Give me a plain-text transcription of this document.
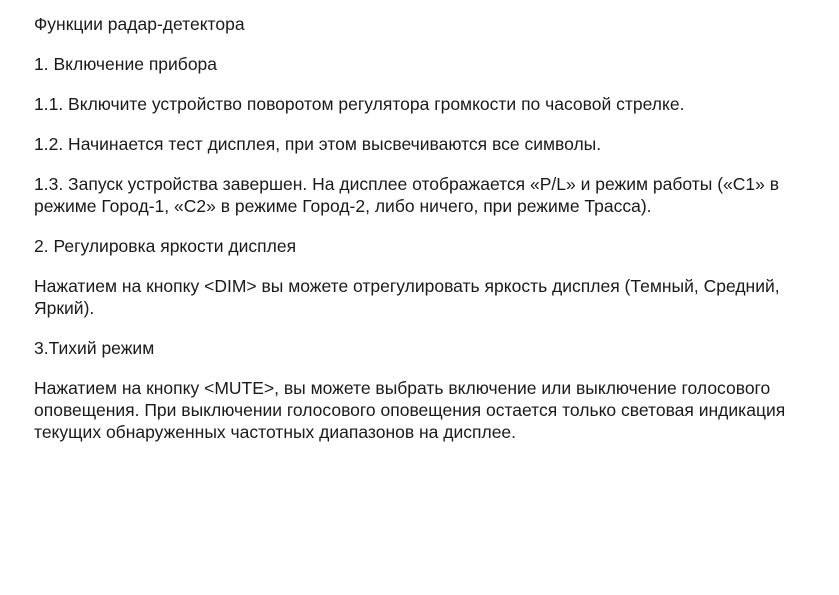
Функции радар-детектора

1. Включение прибора

1.1. Включите устройство поворотом регулятора громкости по часовой стрелке.

1.2. Начинается тест дисплея, при этом высвечиваются все символы.

1.3. Запуск устройства завершен. На дисплее отображается «P/L» и режим работы («C1» в режиме Город-1, «C2» в режиме Город-2, либо ничего, при режиме Трасса).

2. Регулировка яркости дисплея

Нажатием на кнопку <DIM> вы можете отрегулировать яркость дисплея (Темный, Средний, Яркий).

3.Тихий режим

Нажатием на кнопку <MUTE>, вы можете выбрать включение или выключение голосового оповещения. При выключении голосового оповещения остается только световая индикация текущих обнаруженных частотных диапазонов на дисплее.
